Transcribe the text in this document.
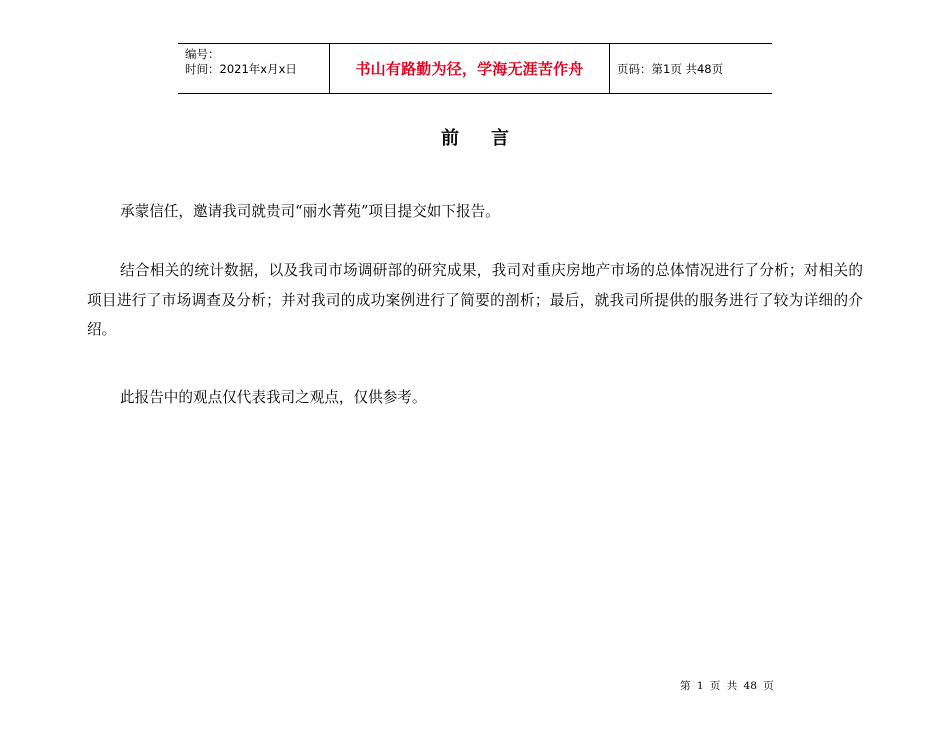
编号：
时间：2021年x月x日	书山有路勤为径，学海无涯苦作舟	页码：第1页 共48页
前言

承蒙信任，邀请我司就贵司“丽水菁苑”项目提交如下报告。

结合相关的统计数据，以及我司市场调研部的研究成果，我司对重庆房地产市场的总体情况进行了分析；对相关的项目进行了市场调查及分析；并对我司的成功案例进行了简要的剖析；最后，就我司所提供的服务进行了较为详细的介绍。

此报告中的观点仅代表我司之观点，仅供参考。

第 1 页 共 48 页
